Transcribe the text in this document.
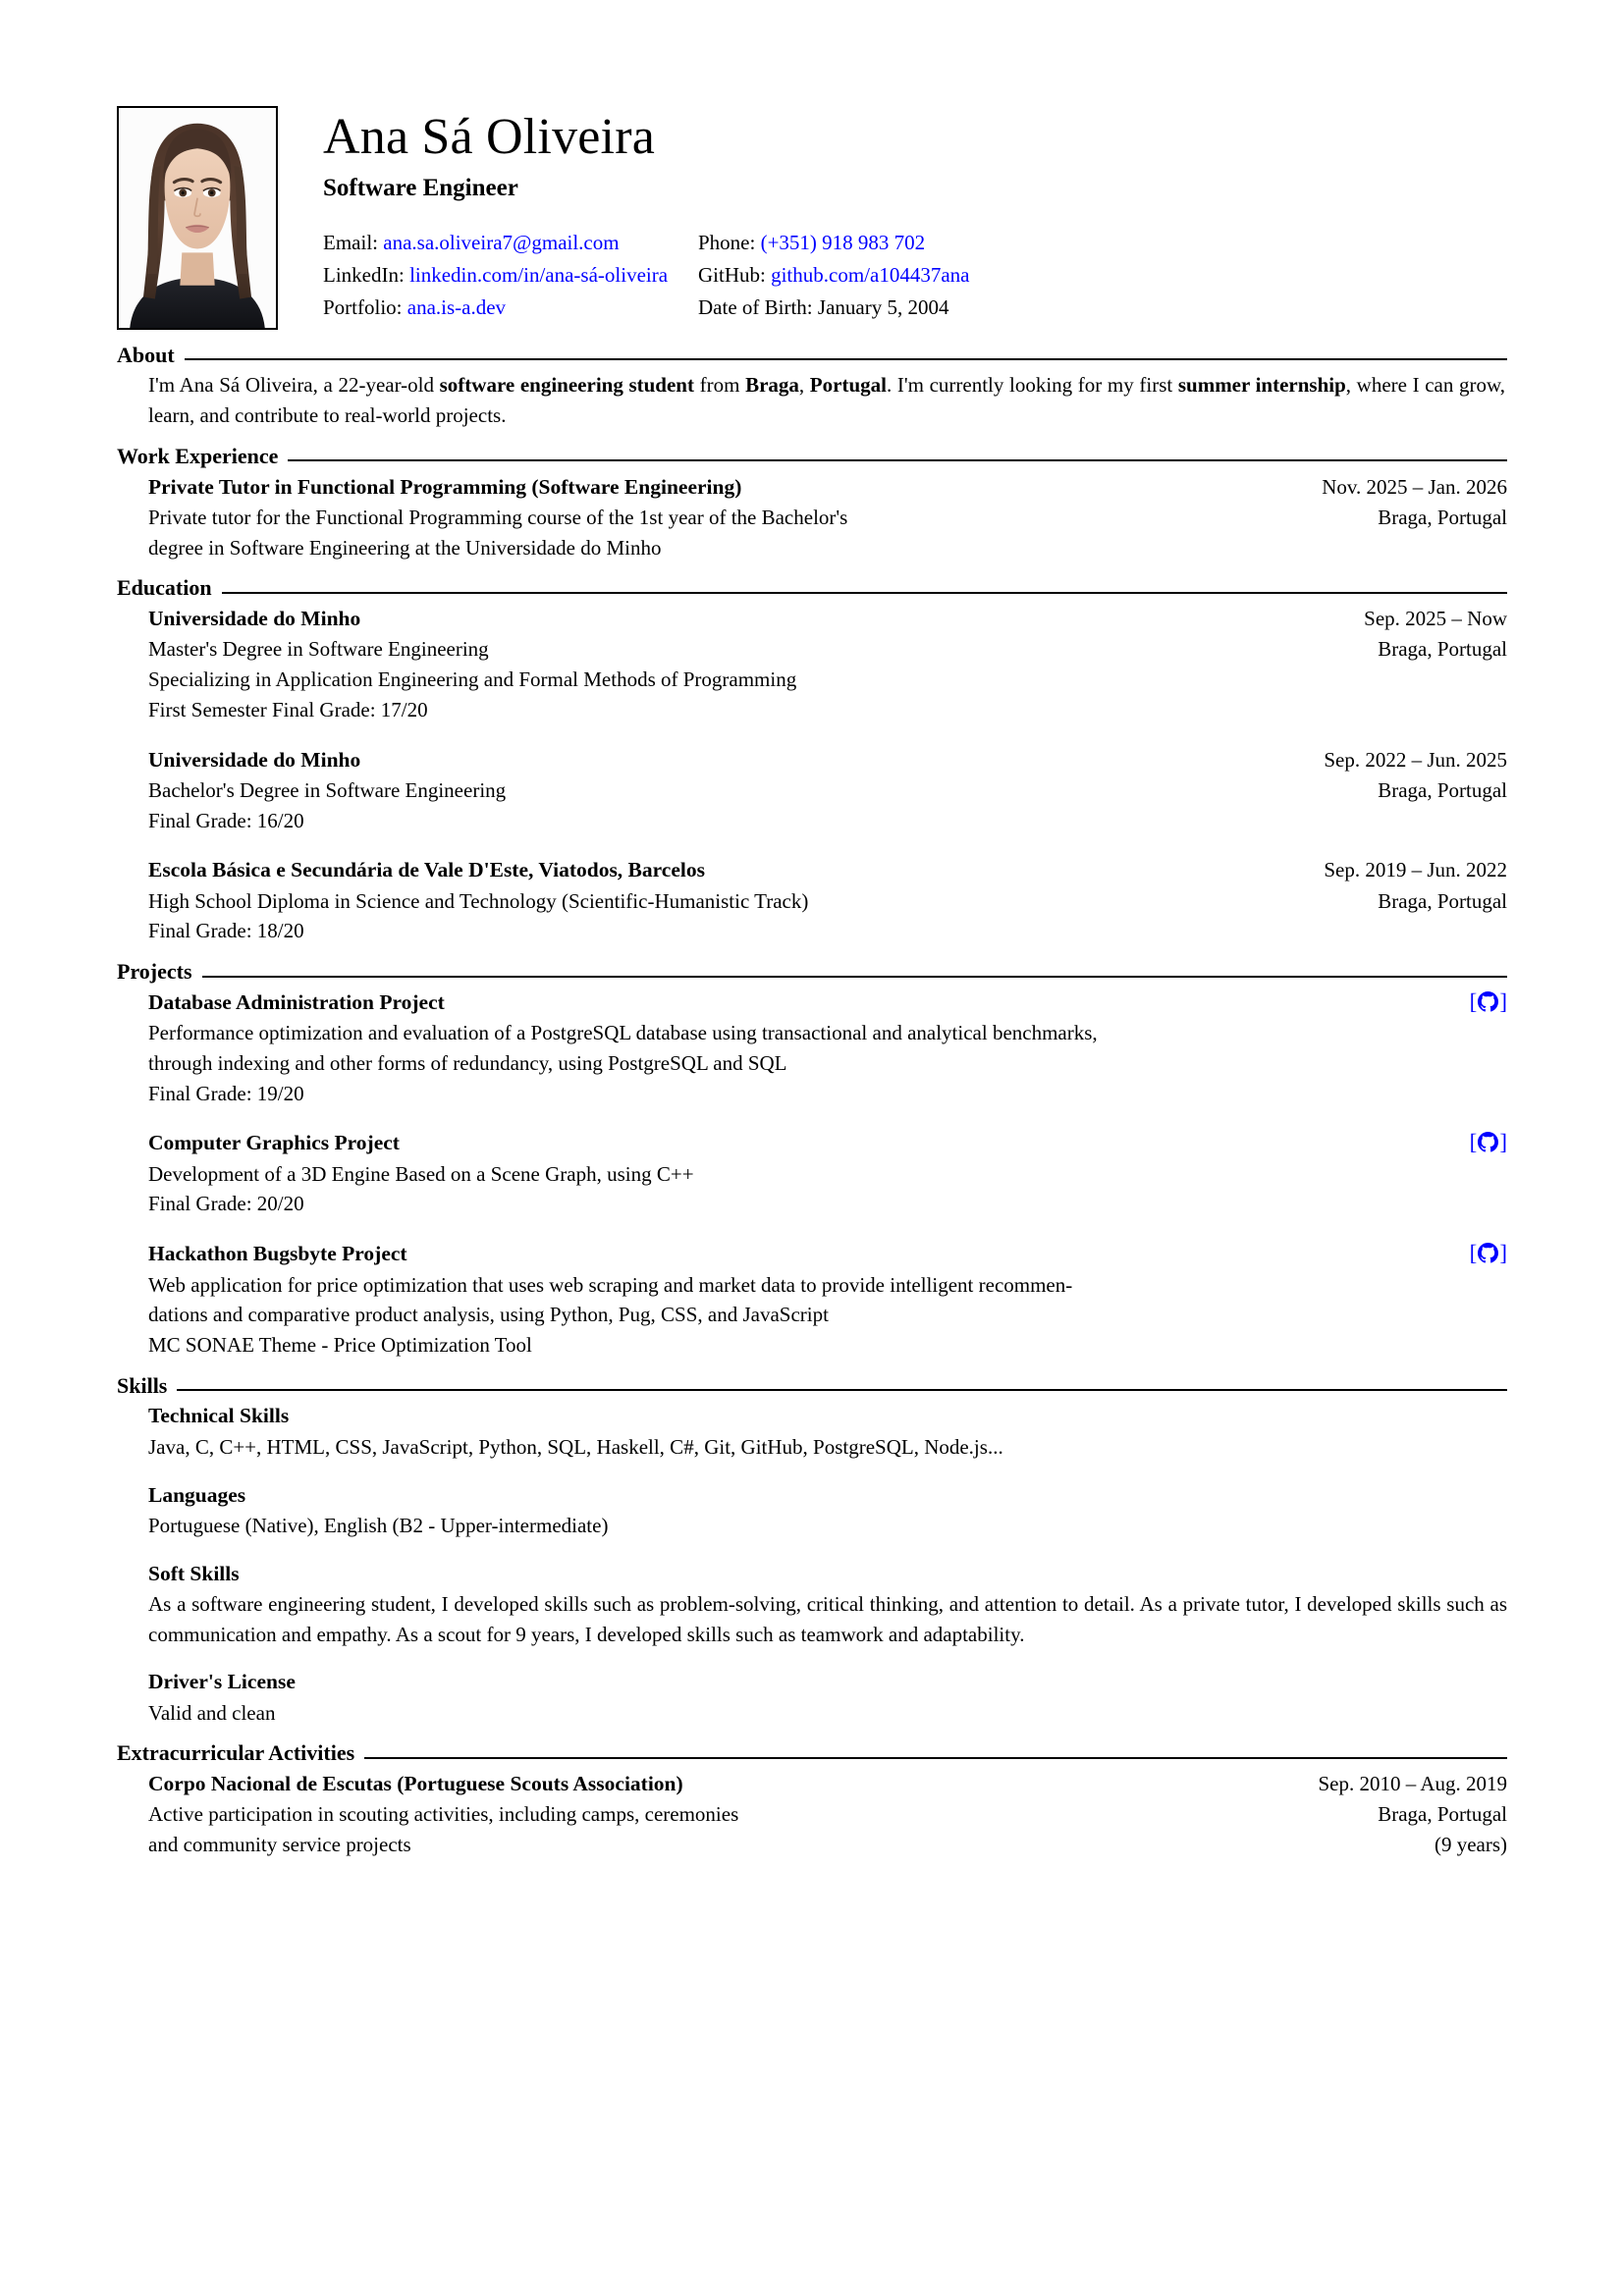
Ana Sá Oliveira
Software Engineer
Email: ana.sa.oliveira7@gmail.com	Phone: (+351) 918 983 702
LinkedIn: linkedin.com/in/ana-sá-oliveira	GitHub: github.com/a104437ana
Portfolio: ana.is-a.dev	Date of Birth: January 5, 2004
About

I'm Ana Sá Oliveira, a 22-year-old software engineering student from Braga, Portugal. I'm currently looking for my first summer internship, where I can grow, learn, and contribute to real-world projects.

Work Experience
Private Tutor in Functional Programming (Software Engineering)	Nov. 2025 – Jan. 2026
Private tutor for the Functional Programming course of the 1st year of the Bachelor's	Braga, Portugal
degree in Software Engineering at the Universidade do Minho
Education
Universidade do Minho	Sep. 2025 – Now
Master's Degree in Software Engineering	Braga, Portugal
Specializing in Application Engineering and Formal Methods of Programming
First Semester Final Grade: 17/20
Universidade do Minho	Sep. 2022 – Jun. 2025
Bachelor's Degree in Software Engineering	Braga, Portugal
Final Grade: 16/20
Escola Básica e Secundária de Vale D'Este, Viatodos, Barcelos	Sep. 2019 – Jun. 2022
High School Diploma in Science and Technology (Scientific-Humanistic Track)	Braga, Portugal
Final Grade: 18/20
Projects
Database Administration Project	[ ]
Performance optimization and evaluation of a PostgreSQL database using transactional and analytical benchmarks,
through indexing and other forms of redundancy, using PostgreSQL and SQL
Final Grade: 19/20
Computer Graphics Project	[ ]
Development of a 3D Engine Based on a Scene Graph, using C++
Final Grade: 20/20
Hackathon Bugsbyte Project	[ ]
Web application for price optimization that uses web scraping and market data to provide intelligent recommen-
dations and comparative product analysis, using Python, Pug, CSS, and JavaScript
MC SONAE Theme - Price Optimization Tool
Skills
Technical Skills
Java, C, C++, HTML, CSS, JavaScript, Python, SQL, Haskell, C#, Git, GitHub, PostgreSQL, Node.js...
Languages
Portuguese (Native), English (B2 - Upper-intermediate)
Soft Skills
As a software engineering student, I developed skills such as problem-solving, critical thinking, and attention to detail. As a private tutor, I developed skills such as communication and empathy. As a scout for 9 years, I developed skills such as teamwork and adaptability.
Driver's License
Valid and clean
Extracurricular Activities
Corpo Nacional de Escutas (Portuguese Scouts Association)	Sep. 2010 – Aug. 2019
Active participation in scouting activities, including camps, ceremonies	Braga, Portugal
and community service projects	(9 years)
